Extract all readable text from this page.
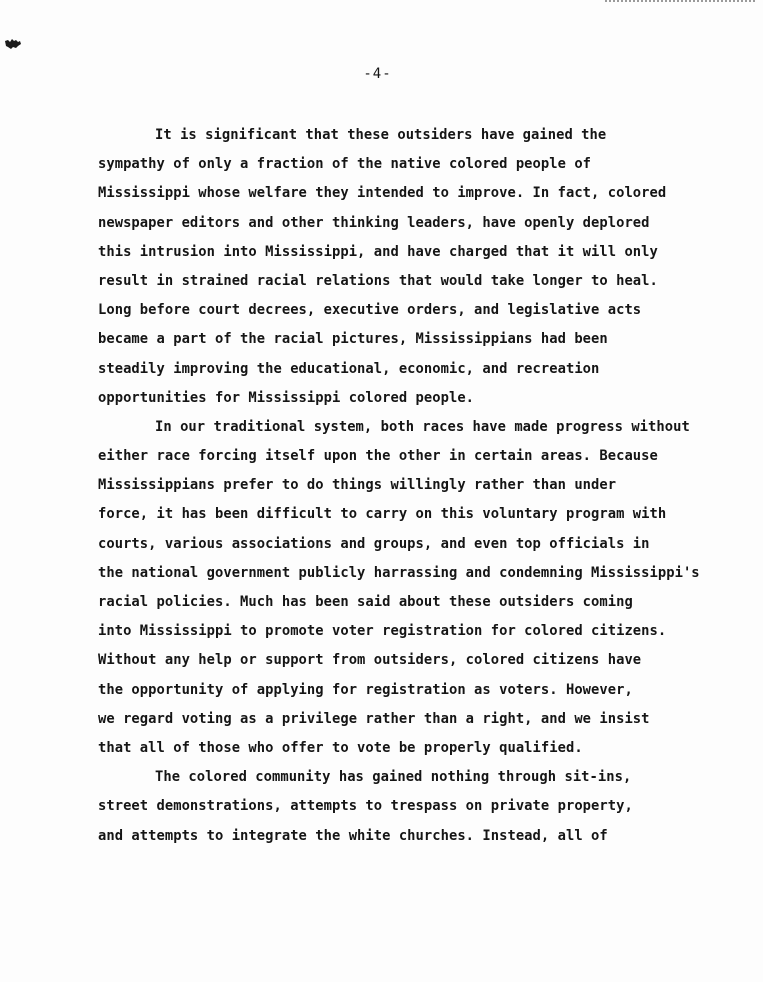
-4-
It is significant that these outsiders have gained the
sympathy of only a fraction of the native colored people of
Mississippi whose welfare they intended to improve. In fact, colored
newspaper editors and other thinking leaders, have openly deplored
this intrusion into Mississippi, and have charged that it will only
result in strained racial relations that would take longer to heal.
Long before court decrees, executive orders, and legislative acts
became a part of the racial pictures, Mississippians had been
steadily improving the educational, economic, and recreation
opportunities for Mississippi colored people.
In our traditional system, both races have made progress without
either race forcing itself upon the other in certain areas. Because
Mississippians prefer to do things willingly rather than under
force, it has been difficult to carry on this voluntary program with
courts, various associations and groups, and even top officials in
the national government publicly harrassing and condemning Mississippi's
racial policies. Much has been said about these outsiders coming
into Mississippi to promote voter registration for colored citizens.
Without any help or support from outsiders, colored citizens have
the opportunity of applying for registration as voters. However,
we regard voting as a privilege rather than a right, and we insist
that all of those who offer to vote be properly qualified.
The colored community has gained nothing through sit-ins,
street demonstrations, attempts to trespass on private property,
and attempts to integrate the white churches. Instead, all of
